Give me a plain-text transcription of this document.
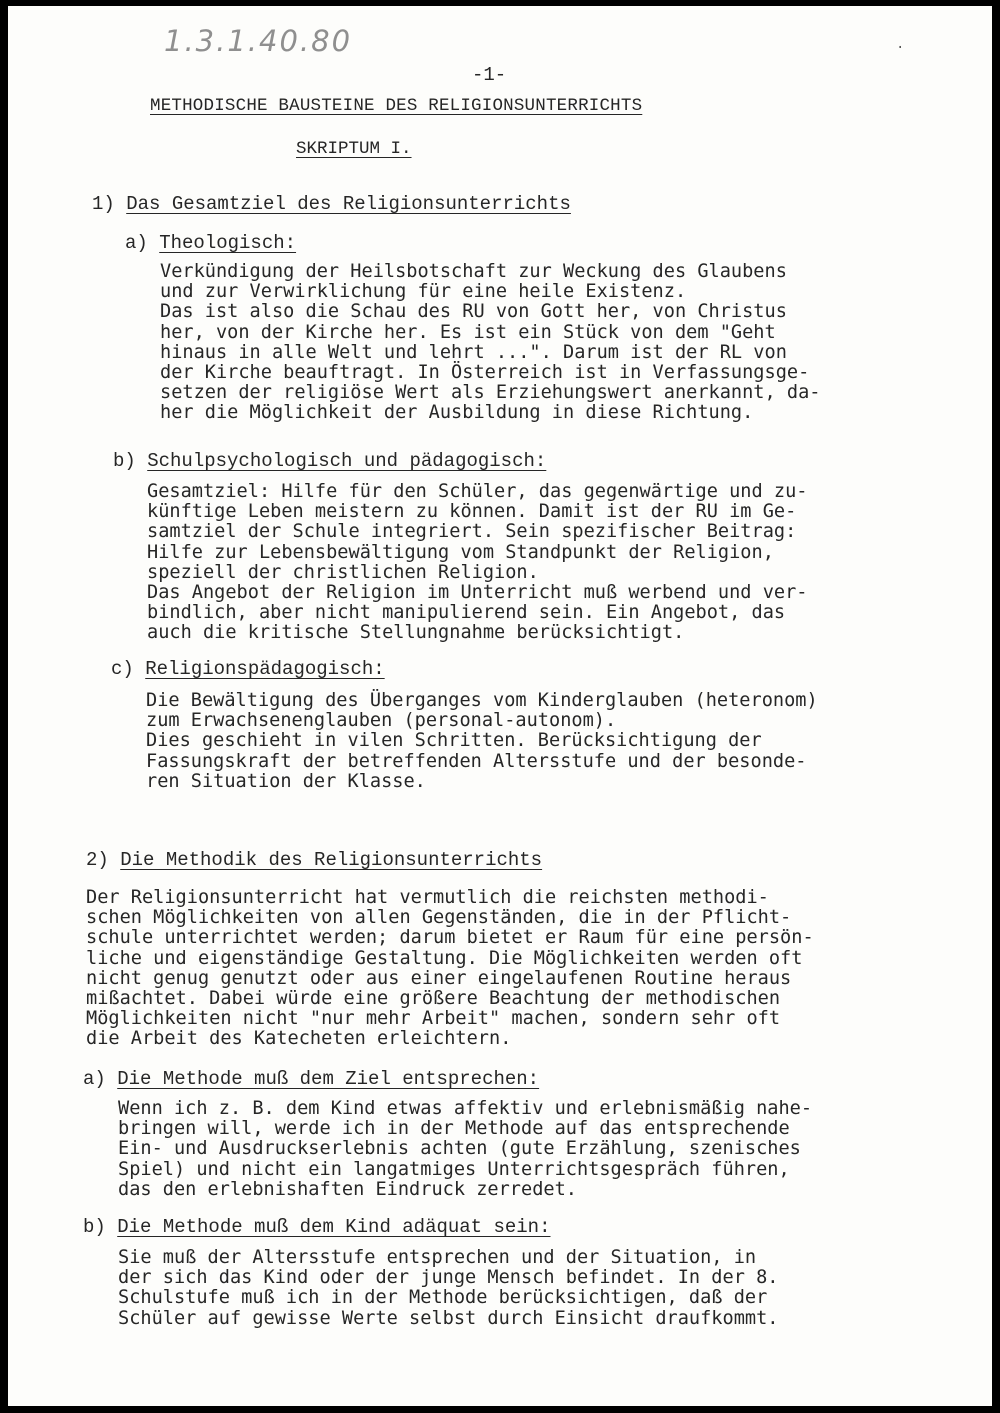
1.3.1.40.80	·
-1-
METHODISCHE BAUSTEINE DES RELIGIONSUNTERRICHTS
SKRIPTUM I.
1) Das Gesamtziel des Religionsunterrichts
a) Theologisch:
Verkündigung der Heilsbotschaft zur Weckung des Glaubens
und zur Verwirklichung für eine heile Existenz.
Das ist also die Schau des RU von Gott her, von Christus
her, von der Kirche her. Es ist ein Stück von dem "Geht
hinaus in alle Welt und lehrt ...". Darum ist der RL von
der Kirche beauftragt. In Österreich ist in Verfassungsge-
setzen der religiöse Wert als Erziehungswert anerkannt, da-
her die Möglichkeit der Ausbildung in diese Richtung.
b) Schulpsychologisch und pädagogisch:
Gesamtziel: Hilfe für den Schüler, das gegenwärtige und zu-
künftige Leben meistern zu können. Damit ist der RU im Ge-
samtziel der Schule integriert. Sein spezifischer Beitrag:
Hilfe zur Lebensbewältigung vom Standpunkt der Religion,
speziell der christlichen Religion.
Das Angebot der Religion im Unterricht muß werbend und ver-
bindlich, aber nicht manipulierend sein. Ein Angebot, das
auch die kritische Stellungnahme berücksichtigt.
c) Religionspädagogisch:
Die Bewältigung des Überganges vom Kinderglauben (heteronom)
zum Erwachsenenglauben (personal-autonom).
Dies geschieht in vilen Schritten. Berücksichtigung der
Fassungskraft der betreffenden Altersstufe und der besonde-
ren Situation der Klasse.
2) Die Methodik des Religionsunterrichts
Der Religionsunterricht hat vermutlich die reichsten methodi-
schen Möglichkeiten von allen Gegenständen, die in der Pflicht-
schule unterrichtet werden; darum bietet er Raum für eine persön-
liche und eigenständige Gestaltung. Die Möglichkeiten werden oft
nicht genug genutzt oder aus einer eingelaufenen Routine heraus
mißachtet. Dabei würde eine größere Beachtung der methodischen
Möglichkeiten nicht "nur mehr Arbeit" machen, sondern sehr oft
die Arbeit des Katecheten erleichtern.
a) Die Methode muß dem Ziel entsprechen:
Wenn ich z. B. dem Kind etwas affektiv und erlebnismäßig nahe-
bringen will, werde ich in der Methode auf das entsprechende
Ein- und Ausdruckserlebnis achten (gute Erzählung, szenisches
Spiel) und nicht ein langatmiges Unterrichtsgespräch führen,
das den erlebnishaften Eindruck zerredet.
b) Die Methode muß dem Kind adäquat sein:
Sie muß der Altersstufe entsprechen und der Situation, in
der sich das Kind oder der junge Mensch befindet. In der 8.
Schulstufe muß ich in der Methode berücksichtigen, daß der
Schüler auf gewisse Werte selbst durch Einsicht draufkommt.
